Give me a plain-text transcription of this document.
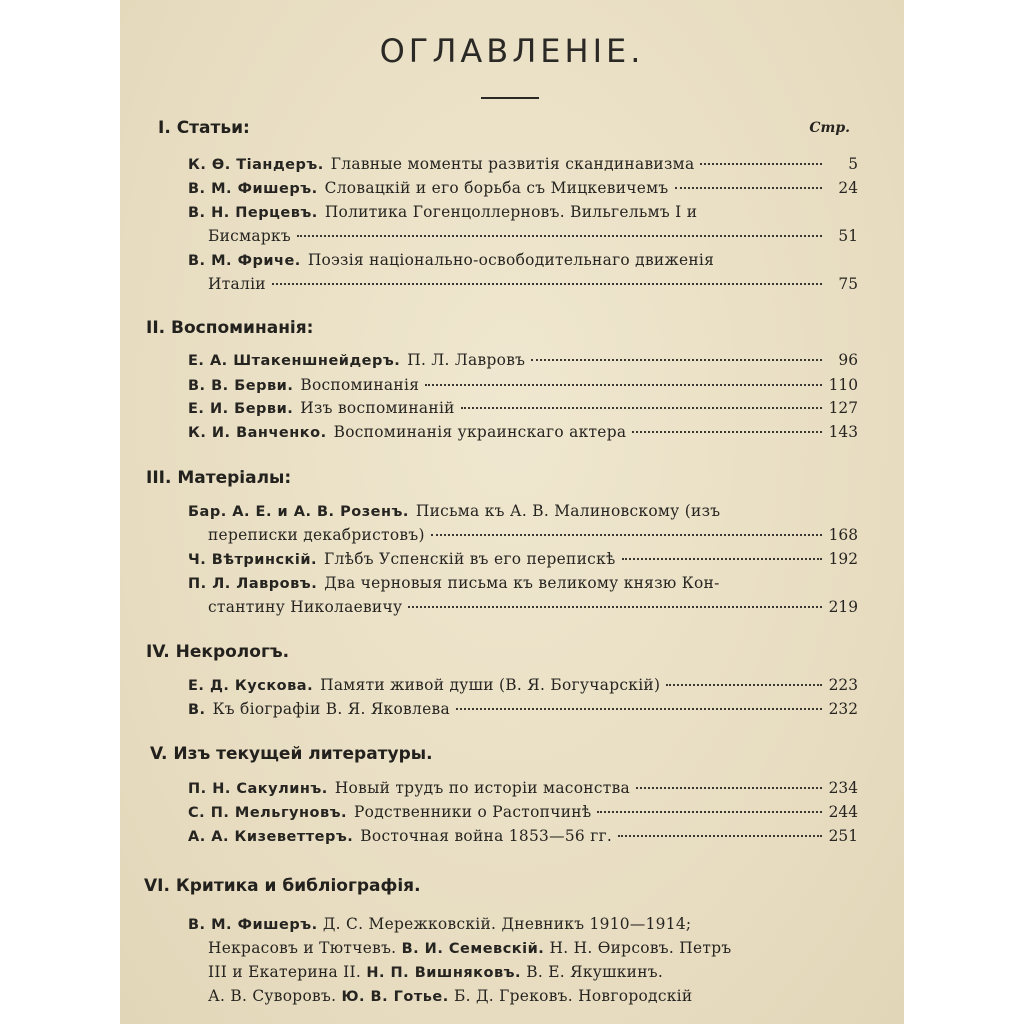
ОГЛАВЛЕНІЕ.
I. Статьи:	Стр.
К. Ө. Тіандеръ. Главные моменты развитія скандинавизма	5
В. М. Фишеръ. Словацкій и его борьба съ Мицкевичемъ	24
В. Н. Перцевъ. Политика Гогенцоллерновъ. Вильгельмъ I и
Бисмаркъ	51
В. М. Фриче. Поэзія національно-освободительнаго движенія
Италіи	75
II. Воспоминанія:
Е. А. Штакеншнейдеръ. П. Л. Лавровъ	96
В. В. Берви. Воспоминанія	110
Е. И. Берви. Изъ воспоминаній	127
К. И. Ванченко. Воспоминанія украинскаго актера	143
III. Матеріалы:
Бар. А. Е. и А. В. Розенъ. Письма къ А. В. Малиновскому (изъ
переписки декабристовъ)	168
Ч. Вѣтринскій. Глѣбъ Успенскій въ его перепискѣ	192
П. Л. Лавровъ. Два черновыя письма къ великому князю Кон-
стантину Николаевичу	219
IV. Некрологъ.
Е. Д. Кускова. Памяти живой души (В. Я. Богучарскій)	223
В. Къ біографіи В. Я. Яковлева	232
V. Изъ текущей литературы.
П. Н. Сакулинъ. Новый трудъ по исторіи масонства	234
С. П. Мельгуновъ. Родственники о Растопчинѣ	244
А. А. Кизеветтеръ. Восточная война 1853—56 гг.	251
VI. Критика и библіографія.
В. М. Фишеръ. Д. С. Мережковскій. Дневникъ 1910—1914;
Некрасовъ и Тютчевъ. В. И. Семевскій. Н. Н. Ѳирсовъ. Петръ
III и Екатерина II. Н. П. Вишняковъ. В. Е. Якушкинъ.
А. В. Суворовъ. Ю. В. Готье. Б. Д. Грековъ. Новгородскій
